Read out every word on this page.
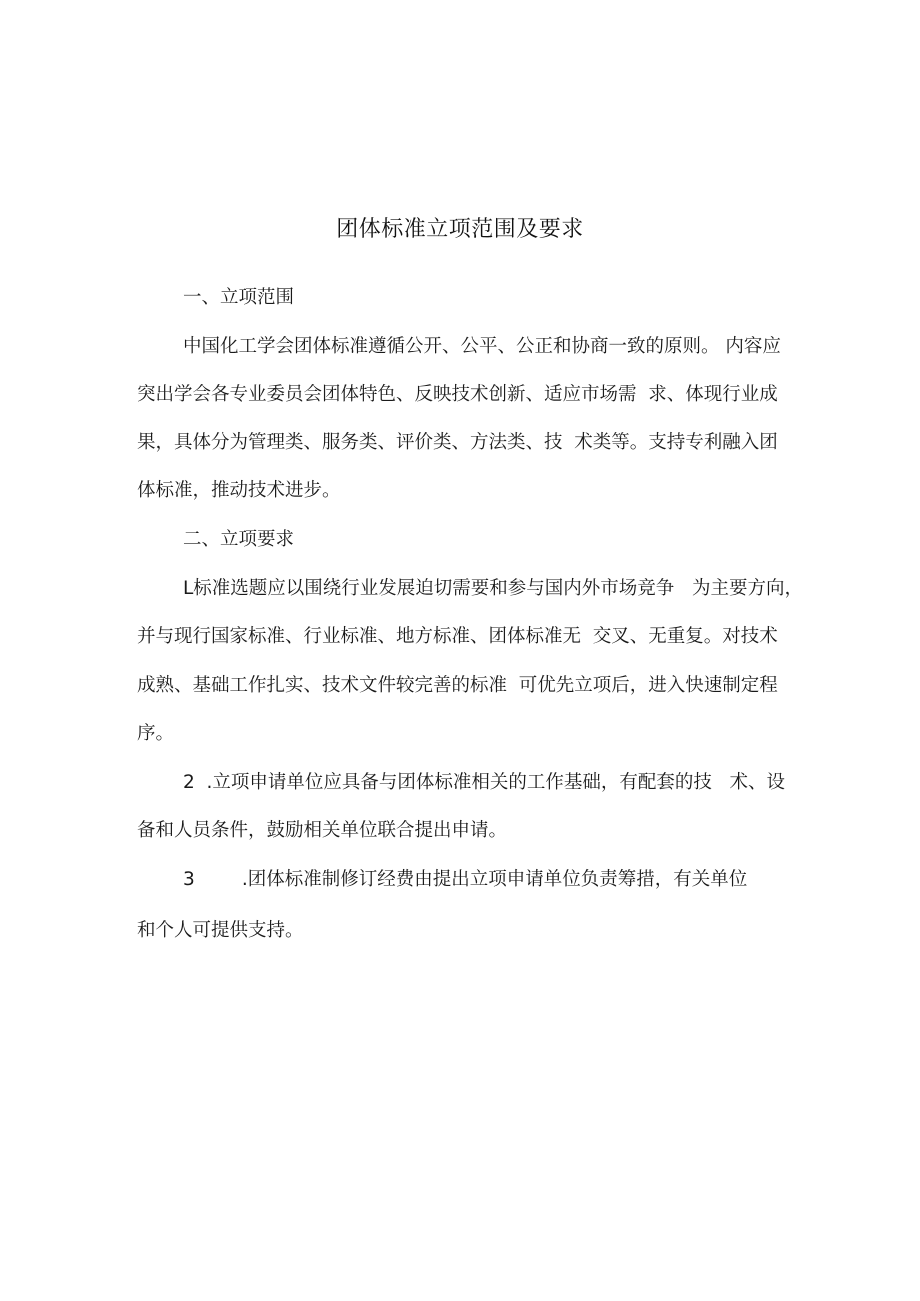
团体标准立项范围及要求
一、立项范围
中国化工学会团体标准遵循公开、公平、公正和协商一致的原则。 内容应
突出学会各专业委员会团体特色、反映技术创新、适应市场需  求、体现行业成
果，具体分为管理类、服务类、评价类、方法类、技  术类等。支持专利融入团
体标准，推动技术进步。
二、立项要求
L标准选题应以围绕行业发展迫切需要和参与国内外市场竞争   为主要方向，
并与现行国家标准、行业标准、地方标准、团体标准无  交叉、无重复。对技术
成熟、基础工作扎实、技术文件较完善的标准  可优先立项后，进入快速制定程
序。
2  .立项申请单位应具备与团体标准相关的工作基础，有配套的技   术、设
备和人员条件，鼓励相关单位联合提出申请。
3        .团体标准制修订经费由提出立项申请单位负责筹措，有关单位
和个人可提供支持。
